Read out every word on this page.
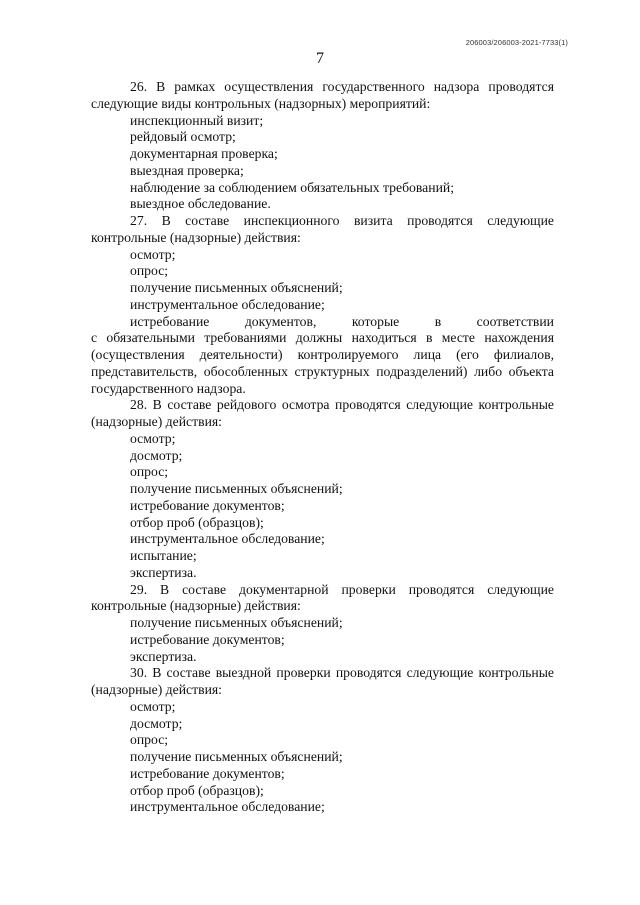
206003/206003-2021-7733(1)
7

26. В рамках осуществления государственного надзора проводятся следующие виды контрольных (надзорных) мероприятий:

инспекционный визит;

рейдовый осмотр;

документарная проверка;

выездная проверка;

наблюдение за соблюдением обязательных требований;

выездное обследование.

27. В составе инспекционного визита проводятся следующие контрольные (надзорные) действия:

осмотр;

опрос;

получение письменных объяснений;

инструментальное обследование;

истребование документов, которые в соответствии

с обязательными требованиями должны находиться в месте нахождения (осуществления деятельности) контролируемого лица (его филиалов, представительств, обособленных структурных подразделений) либо объекта государственного надзора.

28. В составе рейдового осмотра проводятся следующие контрольные (надзорные) действия:

осмотр;

досмотр;

опрос;

получение письменных объяснений;

истребование документов;

отбор проб (образцов);

инструментальное обследование;

испытание;

экспертиза.

29. В составе документарной проверки проводятся следующие контрольные (надзорные) действия:

получение письменных объяснений;

истребование документов;

экспертиза.

30. В составе выездной проверки проводятся следующие контрольные (надзорные) действия:

осмотр;

досмотр;

опрос;

получение письменных объяснений;

истребование документов;

отбор проб (образцов);

инструментальное обследование;
